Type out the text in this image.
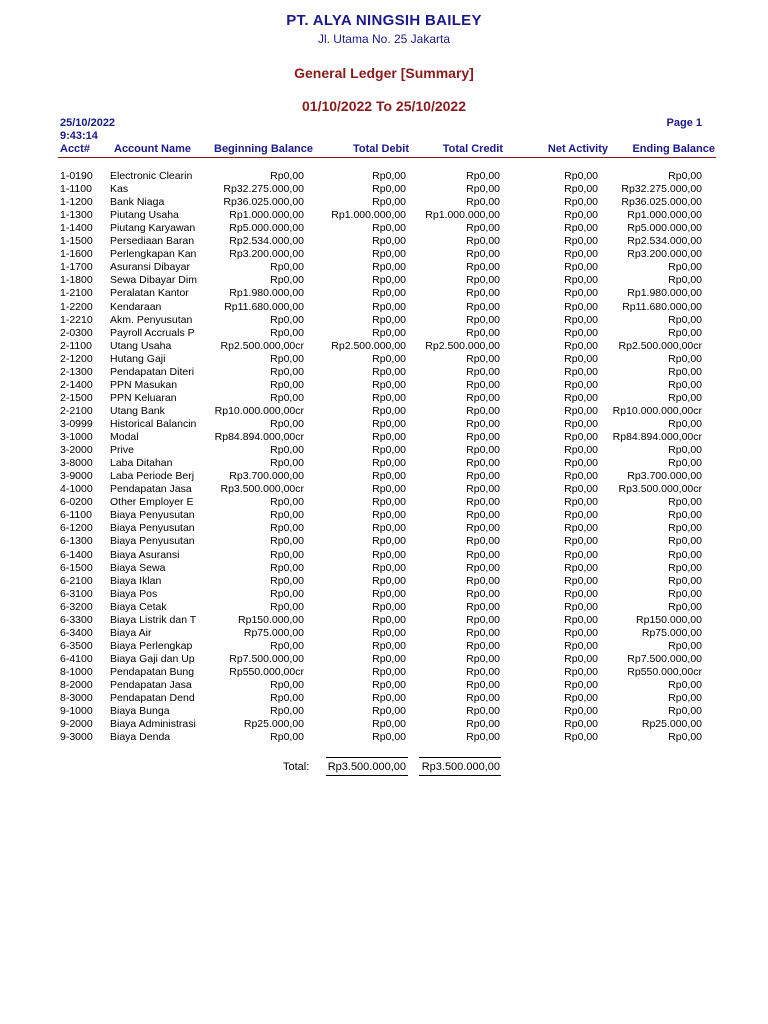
PT. ALYA NINGSIH BAILEY
Jl. Utama No. 25 Jakarta
General Ledger [Summary]
01/10/2022 To 25/10/2022
25/10/2022
9:43:14
Page 1
Acct# Account Name Beginning Balance	Total Debit	Total Credit	Net Activity Ending Balance
1-0190 Electronic Clearin	Rp0,00	Rp0,00	Rp0,00	Rp0,00	Rp0,00
1-1100 Kas	Rp32.275.000,00	Rp0,00	Rp0,00	Rp0,00 Rp32.275.000,00
1-1200 Bank Niaga	Rp36.025.000,00	Rp0,00	Rp0,00	Rp0,00 Rp36.025.000,00
1-1300 Piutang Usaha	Rp1.000.000,00	Rp1.000.000,00 Rp1.000.000,00	Rp0,00	Rp1.000.000,00
1-1400 Piutang Karyawan	Rp5.000.000,00	Rp0,00	Rp0,00	Rp0,00	Rp5.000.000,00
1-1500 Persediaan Baran	Rp2.534.000,00	Rp0,00	Rp0,00	Rp0,00	Rp2.534.000,00
1-1600 Perlengkapan Kan	Rp3.200.000,00	Rp0,00	Rp0,00	Rp0,00	Rp3.200.000,00
1-1700 Asuransi Dibayar	Rp0,00	Rp0,00	Rp0,00	Rp0,00	Rp0,00
1-1800 Sewa Dibayar Dim	Rp0,00	Rp0,00	Rp0,00	Rp0,00	Rp0,00
1-2100 Peralatan Kantor	Rp1.980.000,00	Rp0,00	Rp0,00	Rp0,00	Rp1.980.000,00
1-2200 Kendaraan	Rp11.680.000,00	Rp0,00	Rp0,00	Rp0,00 Rp11.680.000,00
1-2210 Akm. Penyusutan	Rp0,00	Rp0,00	Rp0,00	Rp0,00	Rp0,00
2-0300 Payroll Accruals P	Rp0,00	Rp0,00	Rp0,00	Rp0,00	Rp0,00
2-1100 Utang Usaha	Rp2.500.000,00cr	Rp2.500.000,00 Rp2.500.000,00	Rp0,00 Rp2.500.000,00cr
2-1200 Hutang Gaji	Rp0,00	Rp0,00	Rp0,00	Rp0,00	Rp0,00
2-1300 Pendapatan Diteri	Rp0,00	Rp0,00	Rp0,00	Rp0,00	Rp0,00
2-1400 PPN Masukan	Rp0,00	Rp0,00	Rp0,00	Rp0,00	Rp0,00
2-1500 PPN Keluaran	Rp0,00	Rp0,00	Rp0,00	Rp0,00	Rp0,00
2-2100 Utang Bank	Rp10.000.000,00cr	Rp0,00	Rp0,00	Rp0,00 Rp10.000.000,00cr
3-0999 Historical Balancin	Rp0,00	Rp0,00	Rp0,00	Rp0,00	Rp0,00
3-1000 Modal	Rp84.894.000,00cr	Rp0,00	Rp0,00	Rp0,00 Rp84.894.000,00cr
3-2000 Prive	Rp0,00	Rp0,00	Rp0,00	Rp0,00	Rp0,00
3-8000 Laba Ditahan	Rp0,00	Rp0,00	Rp0,00	Rp0,00	Rp0,00
3-9000 Laba Periode Berj	Rp3.700.000,00	Rp0,00	Rp0,00	Rp0,00	Rp3.700.000,00
4-1000 Pendapatan Jasa	Rp3.500.000,00cr	Rp0,00	Rp0,00	Rp0,00 Rp3.500.000,00cr
6-0200 Other Employer E	Rp0,00	Rp0,00	Rp0,00	Rp0,00	Rp0,00
6-1100 Biaya Penyusutan	Rp0,00	Rp0,00	Rp0,00	Rp0,00	Rp0,00
6-1200 Biaya Penyusutan	Rp0,00	Rp0,00	Rp0,00	Rp0,00	Rp0,00
6-1300 Biaya Penyusutan	Rp0,00	Rp0,00	Rp0,00	Rp0,00	Rp0,00
6-1400 Biaya Asuransi	Rp0,00	Rp0,00	Rp0,00	Rp0,00	Rp0,00
6-1500 Biaya Sewa	Rp0,00	Rp0,00	Rp0,00	Rp0,00	Rp0,00
6-2100 Biaya Iklan	Rp0,00	Rp0,00	Rp0,00	Rp0,00	Rp0,00
6-3100 Biaya Pos	Rp0,00	Rp0,00	Rp0,00	Rp0,00	Rp0,00
6-3200 Biaya Cetak	Rp0,00	Rp0,00	Rp0,00	Rp0,00	Rp0,00
6-3300 Biaya Listrik dan T	Rp150.000,00	Rp0,00	Rp0,00	Rp0,00	Rp150.000,00
6-3400 Biaya Air	Rp75.000,00	Rp0,00	Rp0,00	Rp0,00	Rp75.000,00
6-3500 Biaya Perlengkap	Rp0,00	Rp0,00	Rp0,00	Rp0,00	Rp0,00
6-4100 Biaya Gaji dan Up	Rp7.500.000,00	Rp0,00	Rp0,00	Rp0,00	Rp7.500.000,00
8-1000 Pendapatan Bung	Rp550.000,00cr	Rp0,00	Rp0,00	Rp0,00	Rp550.000,00cr
8-2000 Pendapatan Jasa	Rp0,00	Rp0,00	Rp0,00	Rp0,00	Rp0,00
8-3000 Pendapatan Dend	Rp0,00	Rp0,00	Rp0,00	Rp0,00	Rp0,00
9-1000 Biaya Bunga	Rp0,00	Rp0,00	Rp0,00	Rp0,00	Rp0,00
9-2000 Biaya Administrasi	Rp25.000,00	Rp0,00	Rp0,00	Rp0,00	Rp25.000,00
9-3000 Biaya Denda	Rp0,00	Rp0,00	Rp0,00	Rp0,00	Rp0,00
Total: Rp3.500.000,00 Rp3.500.000,00
